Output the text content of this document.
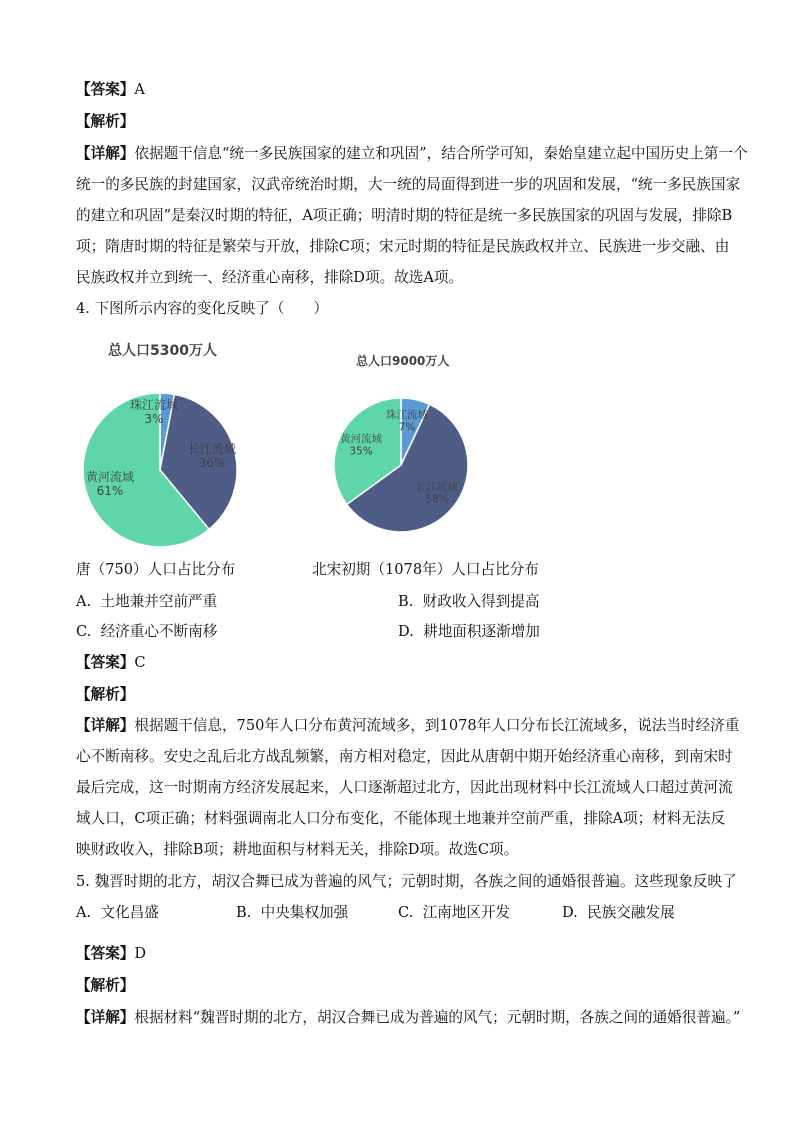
【答案】A
【解析】
【详解】依据题干信息“统一多民族国家的建立和巩固”，结合所学可知，秦始皇建立起中国历史上第一个
统一的多民族的封建国家，汉武帝统治时期，大一统的局面得到进一步的巩固和发展，“统一多民族国家
的建立和巩固”是秦汉时期的特征，A项正确；明清时期的特征是统一多民族国家的巩固与发展，排除B
项；隋唐时期的特征是繁荣与开放，排除C项；宋元时期的特征是民族政权并立、民族进一步交融、由
民族政权并立到统一、经济重心南移，排除D项。故选A项。
4. 下图所示内容的变化反映了（　　）
总人口5300万人
总人口9000万人
珠江流域
3%
长江流域
36%
黄河流域
61%
珠江流域
7%
长江流域
58%
黄河流域
35%
唐（750）人口占比分布	北宋初期（1078年）人口占比分布
A. 土地兼并空前严重	B. 财政收入得到提高
C. 经济重心不断南移	D. 耕地面积逐渐增加
【答案】C
【解析】
【详解】根据题干信息，750年人口分布黄河流域多，到1078年人口分布长江流域多，说法当时经济重
心不断南移。安史之乱后北方战乱频繁，南方相对稳定，因此从唐朝中期开始经济重心南移，到南宋时
最后完成，这一时期南方经济发展起来，人口逐渐超过北方，因此出现材料中长江流域人口超过黄河流
域人口，C项正确；材料强调南北人口分布变化，不能体现土地兼并空前严重，排除A项；材料无法反
映财政收入，排除B项；耕地面积与材料无关，排除D项。故选C项。
5. 魏晋时期的北方，胡汉合舞已成为普遍的风气；元朝时期，各族之间的通婚很普遍。这些现象反映了
A. 文化昌盛	B. 中央集权加强	C. 江南地区开发	D. 民族交融发展
【答案】D
【解析】
【详解】根据材料“魏晋时期的北方，胡汉合舞已成为普遍的风气；元朝时期，各族之间的通婚很普遍。”
